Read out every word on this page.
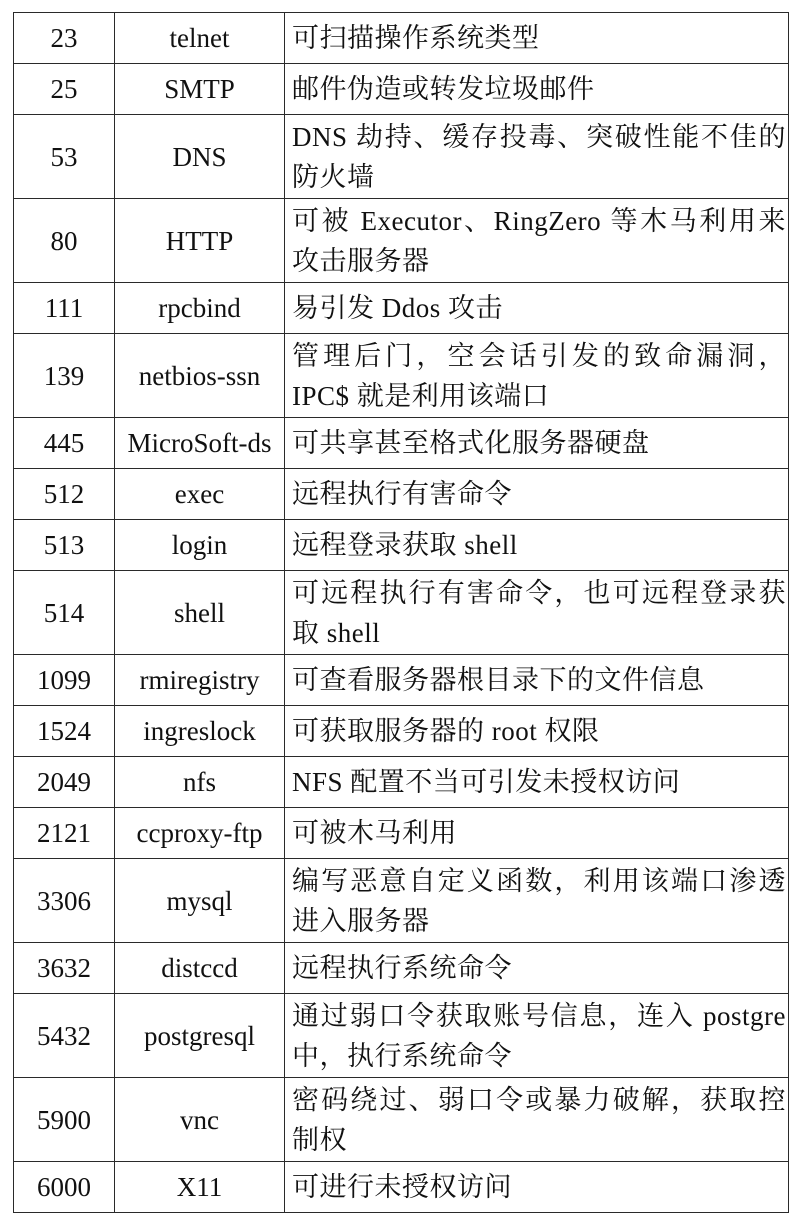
23	telnet	可扫描操作系统类型
25	SMTP	邮件伪造或转发垃圾邮件
53	DNS	DNS 劫持、缓存投毒、突破性能不佳的防火墙
80	HTTP	可被 Executor、RingZero 等木马利用来攻击服务器
111	rpcbind	易引发 Ddos 攻击
139	netbios-ssn	管理后门，空会话引发的致命漏洞，IPC$ 就是利用该端口
445	MicroSoft-ds	可共享甚至格式化服务器硬盘
512	exec	远程执行有害命令
513	login	远程登录获取 shell
514	shell	可远程执行有害命令，也可远程登录获取 shell
1099	rmiregistry	可查看服务器根目录下的文件信息
1524	ingreslock	可获取服务器的 root 权限
2049	nfs	NFS 配置不当可引发未授权访问
2121	ccproxy-ftp	可被木马利用
3306	mysql	编写恶意自定义函数，利用该端口渗透进入服务器
3632	distccd	远程执行系统命令
5432	postgresql	通过弱口令获取账号信息，连入 postgre中，执行系统命令
5900	vnc	密码绕过、弱口令或暴力破解，获取控制权
6000	X11	可进行未授权访问
